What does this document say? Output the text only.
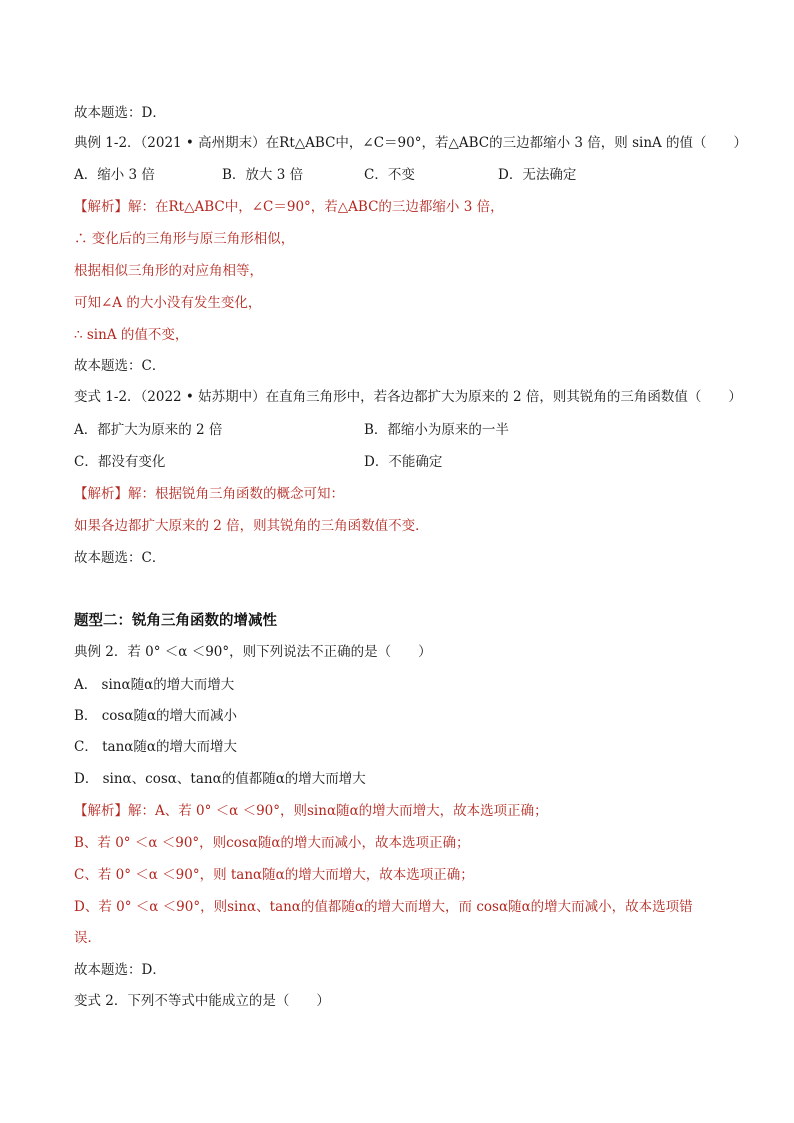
故本题选：D．
典例 1-2．（2021 • 高州期末）在Rt△ABC中，∠C＝90°，若△ABC的三边都缩小 3 倍，则 sinA 的值（　　）
A．缩小 3 倍	B．放大 3 倍	C．不变	D．无法确定
【解析】解：在Rt△ABC中，∠C＝90°，若△ABC的三边都缩小 3 倍，
∴ 变化后的三角形与原三角形相似，
根据相似三角形的对应角相等，
可知∠A 的大小没有发生变化，
∴ sinA 的值不变，
故本题选：C．
变式 1-2．（2022 • 姑苏期中）在直角三角形中，若各边都扩大为原来的 2 倍，则其锐角的三角函数值（　　）
A．都扩大为原来的 2 倍	B．都缩小为原来的一半
C．都没有变化	D．不能确定
【解析】解：根据锐角三角函数的概念可知：
如果各边都扩大原来的 2 倍，则其锐角的三角函数值不变．
故本题选：C．
题型二：锐角三角函数的增减性
典例 2．若 0° ＜α ＜90°，则下列说法不正确的是（　　）
A． sinα随α的增大而增大
B． cosα随α的增大而减小
C． tanα随α的增大而增大
D． sinα、cosα、tanα的值都随α的增大而增大
【解析】解：A、若 0° ＜α ＜90°，则sinα随α的增大而增大，故本选项正确；
B、若 0° ＜α ＜90°，则cosα随α的增大而减小，故本选项正确；
C、若 0° ＜α ＜90°，则 tanα随α的增大而增大，故本选项正确；
D、若 0° ＜α ＜90°，则sinα、tanα的值都随α的增大而增大，而 cosα随α的增大而减小，故本选项错
误．
故本题选：D．
变式 2．下列不等式中能成立的是（　　）
